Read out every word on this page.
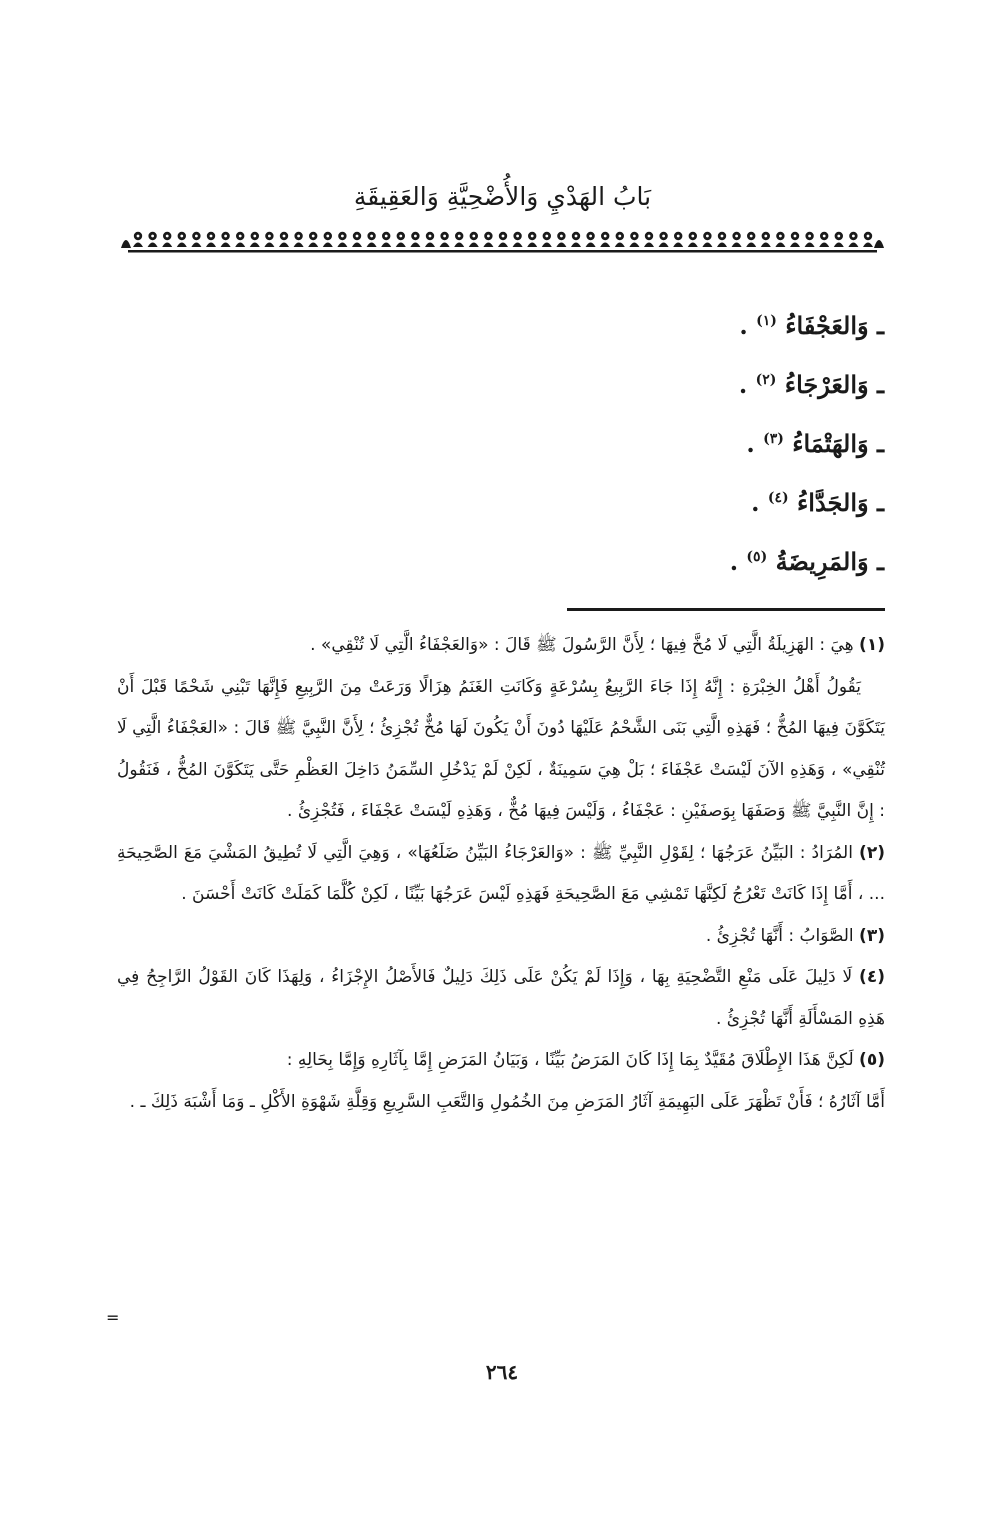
بَابُ الهَدْيِ وَالأُضْحِيَّةِ وَالعَقِيقَةِ
ـ وَالعَجْفَاءُ $^{(١)}$ .
ـ وَالعَرْجَاءُ $^{(٢)}$ .
ـ وَالهَتْمَاءُ $^{(٣)}$ .
ـ وَالجَدَّاءُ $^{(٤)}$ .
ـ وَالمَرِيضَةُ $^{(٥)}$ .

(١) هِيَ : الهَزِيلَةُ الَّتِي لَا مُخَّ فِيهَا ؛ لِأَنَّ الرَّسُولَ ﷺ قَالَ : «وَالعَجْفَاءُ الَّتِي لَا تُنْقِي» .

يَقُولُ أَهْلُ الخِبْرَةِ : إِنَّهُ إِذَا جَاءَ الرَّبِيعُ بِسُرْعَةٍ وَكَانَتِ الغَنَمُ هِزَالًا وَرَعَتْ مِنَ الرَّبِيعِ فَإِنَّهَا تَبْنِي شَحْمًا قَبْلَ أَنْ يَتَكَوَّنَ فِيهَا المُخُّ ؛ فَهَذِهِ الَّتِي بَنَى الشَّحْمُ عَلَيْهَا دُونَ أَنْ يَكُونَ لَهَا مُخٌّ تُجْزِئُ ؛ لِأَنَّ النَّبِيَّ ﷺ قَالَ : «العَجْفَاءُ الَّتِي لَا تُنْقِي» ، وَهَذِهِ الآنَ لَيْسَتْ عَجْفَاءَ ؛ بَلْ هِيَ سَمِينَةٌ ، لَكِنْ لَمْ يَدْخُلِ السِّمَنُ دَاخِلَ العَظْمِ حَتَّى يَتَكَوَّنَ المُخُّ ، فَنَقُولُ : إِنَّ النَّبِيَّ ﷺ وَصَفَهَا بِوَصفَيْنِ : عَجْفَاءُ ، وَلَيْسَ فِيهَا مُخٌّ ، وَهَذِهِ لَيْسَتْ عَجْفَاءَ ، فَتُجْزِئُ .

(٢) المُرَادُ : البَيِّنُ عَرَجُهَا ؛ لِقَوْلِ النَّبِيِّ ﷺ : «وَالعَرْجَاءُ البَيِّنُ ضَلَعُهَا» ، وَهِيَ الَّتِي لَا تُطِيقُ المَشْيَ مَعَ الصَّحِيحَةِ ... ، أَمَّا إِذَا كَانَتْ تَعْرُجُ لَكِنَّهَا تَمْشِي مَعَ الصَّحِيحَةِ فَهَذِهِ لَيْسَ عَرَجُهَا بَيِّنًا ، لَكِنْ كُلَّمَا كَمَلَتْ كَانَتْ أَحْسَنَ .

(٣) الصَّوَابُ : أَنَّهَا تُجْزِئُ .

(٤) لَا دَلِيلَ عَلَى مَنْعِ التَّضْحِيَةِ بِهَا ، وَإِذَا لَمْ يَكُنْ عَلَى ذَلِكَ دَلِيلٌ فَالأَصْلُ الإِجْزَاءُ ، وَلِهَذَا كَانَ القَوْلُ الرَّاجِحُ فِي هَذِهِ المَسْأَلَةِ أَنَّهَا تُجْزِئُ .

(٥) لَكِنَّ هَذَا الإِطْلَاقَ مُقَيَّدٌ بِمَا إِذَا كَانَ المَرَضُ بَيِّنًا ، وَبَيَانُ المَرَضِ إِمَّا بِآثَارِهِ وَإِمَّا بِحَالِهِ :

أَمَّا آثَارُهُ ؛ فَأَنْ تَظْهَرَ عَلَى البَهِيمَةِ آثَارُ المَرَضِ مِنَ الخُمُولِ وَالتَّعَبِ السَّرِيعِ وَقِلَّةِ شَهْوَةِ الأَكْلِ ـ وَمَا أَشْبَهَ ذَلِكَ ـ .

=
٢٦٤
